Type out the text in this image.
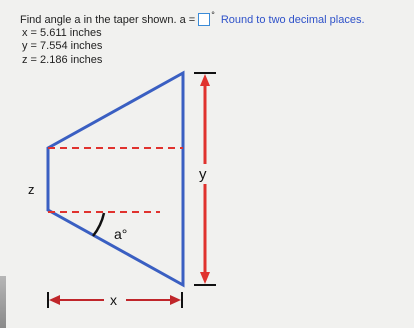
Find angle a in the taper shown. a = ° Round to two decimal places.
x = 5.611 inches
y = 7.554 inches
z = 2.186 inches
a°
z
y
x
